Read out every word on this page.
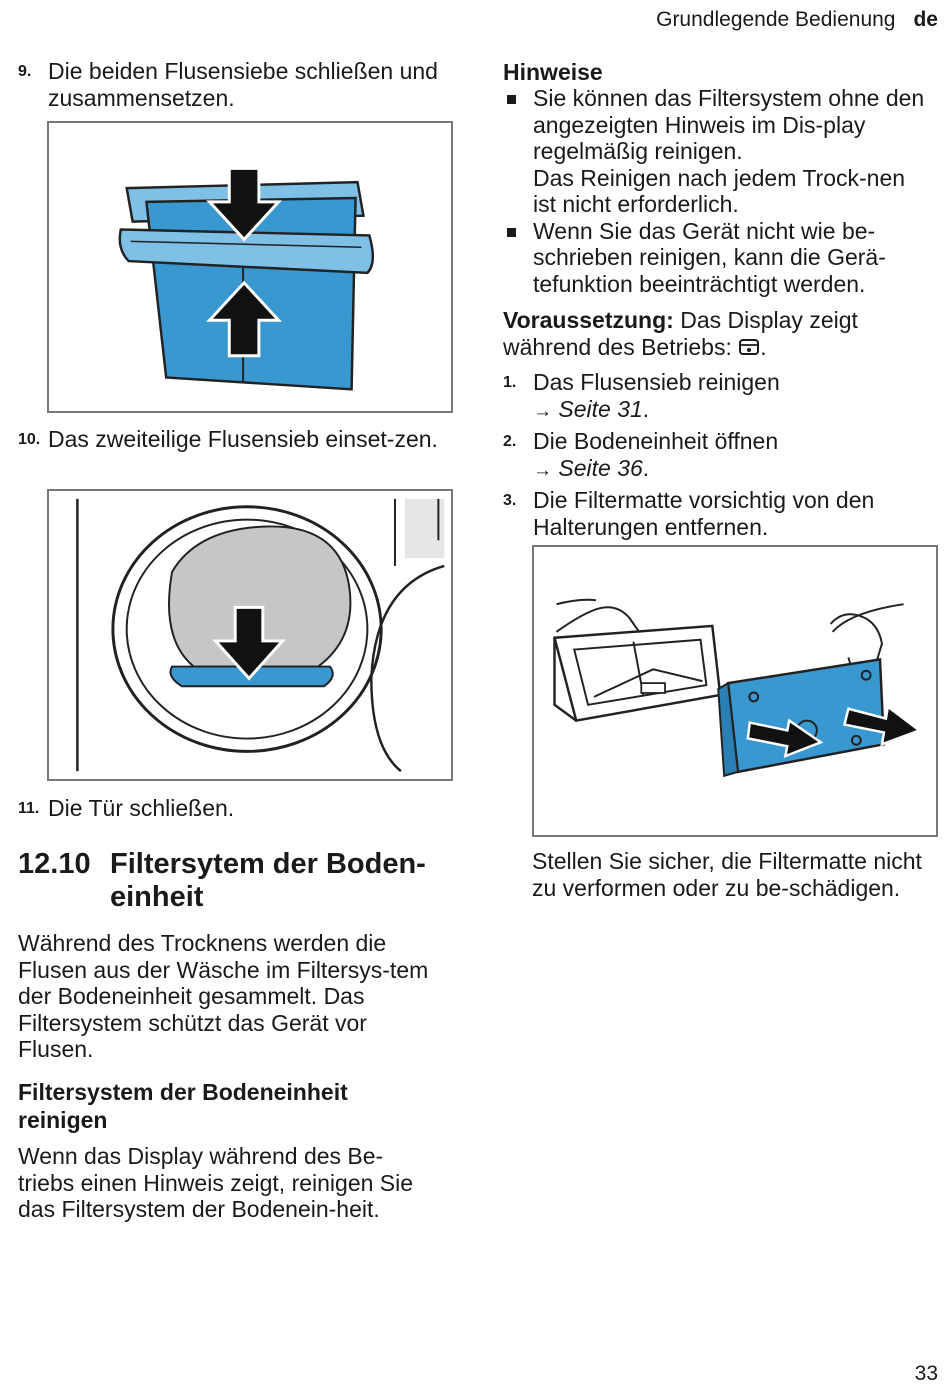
Grundlegende Bedienung de
9. Die beiden Flusensiebe schließen und zusammensetzen.
10. Das zweiteilige Flusensieb einset-zen.
11. Die Tür schließen.
12.10 Filtersytem der Boden-einheit
Während des Trocknens werden die Flusen aus der Wäsche im Filtersys-tem der Bodeneinheit gesammelt. Das Filtersystem schützt das Gerät vor Flusen.
Filtersystem der Bodeneinheit reinigen
Wenn das Display während des Be-triebs einen Hinweis zeigt, reinigen Sie das Filtersystem der Bodenein-heit.
Hinweise
Sie können das Filtersystem ohne den angezeigten Hinweis im Dis-play regelmäßig reinigen.
Das Reinigen nach jedem Trock-nen ist nicht erforderlich.
Wenn Sie das Gerät nicht wie be-schrieben reinigen, kann die Gerä-tefunktion beeinträchtigt werden.
Voraussetzung: Das Display zeigt während des Betriebs: .
1. Das Flusensieb reinigen
→ Seite 31.
2. Die Bodeneinheit öffnen
→ Seite 36.
3. Die Filtermatte vorsichtig von den Halterungen entfernen.
Stellen Sie sicher, die Filtermatte nicht zu verformen oder zu be-schädigen.
33
